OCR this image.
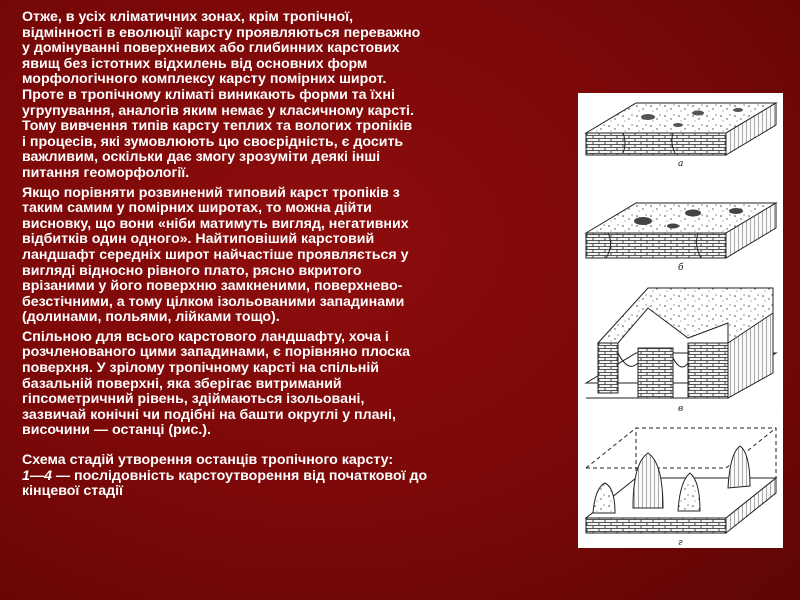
Отже, в усіх кліматичних зонах, крім тропічної,
відмінності в еволюції карсту проявляються переважно
у домінуванні поверхневих або глибинних карстових
явищ без істотних відхилень від основних форм
морфологічного комплексу карсту помірних широт.
Проте в тропічному кліматі виникають форми та їхні
угрупування, аналогів яким немає у класичному карсті.
Тому вивчення типів карсту теплих та вологих тропіків
і процесів, які зумовлюють цю своєрідність, є досить
важливим, оскільки дає змогу зрозуміти деякі інші
питання геоморфології.

Якщо порівняти розвинений типовий карст тропіків з
таким самим у помірних широтах, то можна дійти
висновку, що вони «ніби матимуть вигляд, негативних
відбитків один одного». Найтиповіший карстовий
ландшафт середніх широт найчастіше проявляється у
вигляді відносно рівного плато, рясно вкритого
врізаними у його поверхню замкненими, поверхнево-
безстічними, а тому цілком ізольованими западинами
(долинами, польями, лійками тощо).

Спільною для всього карстового ландшафту, хоча і
розчленованого цими западинами, є порівняно плоска
поверхня. У зрілому тропічному карсті на спільній
базальній поверхні, яка зберігає витриманий
гіпсометричний рівень, здіймаються ізольовані,
зазвичай конічні чи подібні на башти округлі у плані,
височини — останці (рис.).

Схема стадій утворення останців тропічного карсту:
1—4 — послідовність карстоутворення від початкової до
кінцевої стадії
а
б
в
г
